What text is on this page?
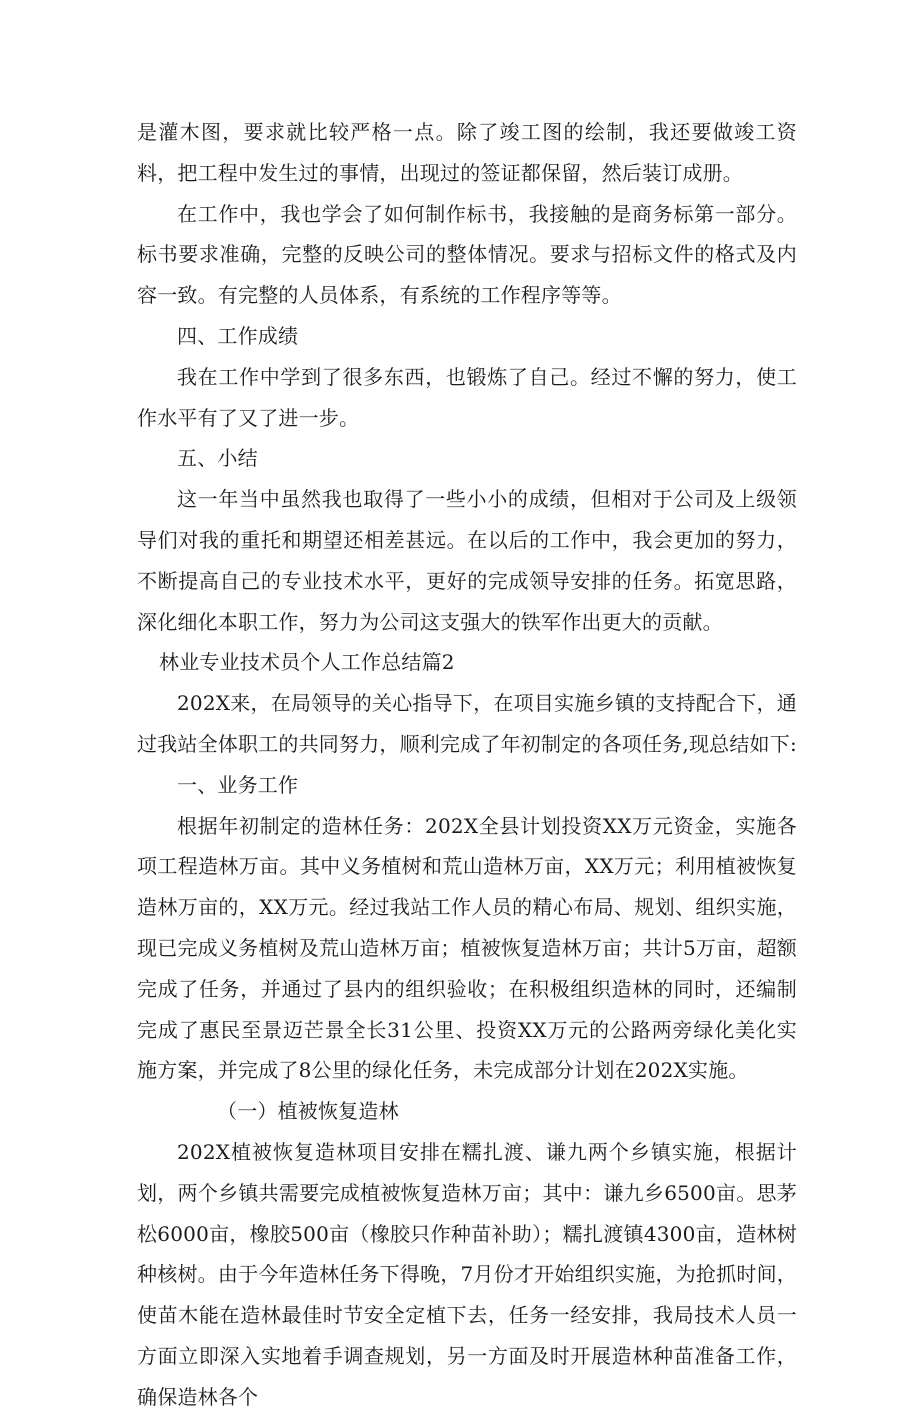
是灌木图，要求就比较严格一点。除了竣工图的绘制，我还要做竣工资料，把工程中发生过的事情，出现过的签证都保留，然后装订成册。

在工作中，我也学会了如何制作标书，我接触的是商务标第一部分。标书要求准确，完整的反映公司的整体情况。要求与招标文件的格式及内容一致。有完整的人员体系，有系统的工作程序等等。

四、工作成绩

我在工作中学到了很多东西，也锻炼了自己。经过不懈的努力，使工作水平有了又了进一步。

五、小结

这一年当中虽然我也取得了一些小小的成绩，但相对于公司及上级领导们对我的重托和期望还相差甚远。在以后的工作中，我会更加的努力，不断提高自己的专业技术水平，更好的完成领导安排的任务。拓宽思路，深化细化本职工作，努力为公司这支强大的铁军作出更大的贡献。

林业专业技术员个人工作总结篇2

202X来，在局领导的关心指导下，在项目实施乡镇的支持配合下，通过我站全体职工的共同努力，顺利完成了年初制定的各项任务,现总结如下:

一、业务工作

根据年初制定的造林任务：202X全县计划投资XX万元资金，实施各项工程造林万亩。其中义务植树和荒山造林万亩，XX万元；利用植被恢复造林万亩的，XX万元。经过我站工作人员的精心布局、规划、组织实施，现已完成义务植树及荒山造林万亩；植被恢复造林万亩；共计5万亩，超额完成了任务，并通过了县内的组织验收；在积极组织造林的同时，还编制完成了惠民至景迈芒景全长31公里、投资XX万元的公路两旁绿化美化实施方案，并完成了8公里的绿化任务，未完成部分计划在202X实施。

（一）植被恢复造林

202X植被恢复造林项目安排在糯扎渡、谦九两个乡镇实施，根据计划，两个乡镇共需要完成植被恢复造林万亩；其中：谦九乡6500亩。思茅松6000亩，橡胶500亩（橡胶只作种苗补助）；糯扎渡镇4300亩，造林树种核树。由于今年造林任务下得晚，7月份才开始组织实施，为抢抓时间，使苗木能在造林最佳时节安全定植下去，任务一经安排，我局技术人员一方面立即深入实地着手调查规划，另一方面及时开展造林种苗准备工作，确保造林各个
